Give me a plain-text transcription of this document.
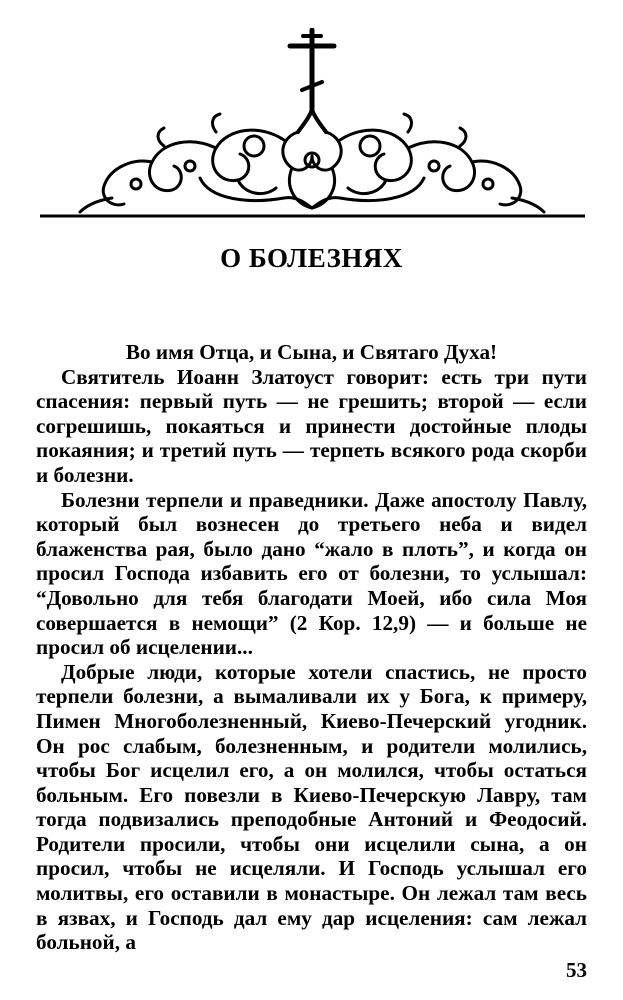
О БОЛЕЗНЯХ

Во имя Отца, и Сына, и Святаго Духа!

Святитель Иоанн Златоуст говорит: есть три пути спасения: первый путь — не грешить; второй — если согрешишь, покаяться и принести достойные плоды покаяния; и третий путь — терпеть всякого рода скорби и болезни.

Болезни терпели и праведники. Даже апостолу Павлу, который был вознесен до третьего неба и видел блаженства рая, было дано “жало в плоть”, и когда он просил Господа избавить его от болезни, то услышал: “Довольно для тебя благодати Моей, ибо сила Моя совершается в немощи” (2 Кор. 12,9) — и больше не просил об исцелении...

Добрые люди, которые хотели спастись, не просто терпели болезни, а вымаливали их у Бога, к примеру, Пимен Многоболезненный, Киево-Печерский угодник. Он рос слабым, болезненным, и родители молились, чтобы Бог исцелил его, а он молился, чтобы остаться больным. Его повезли в Киево-Печерскую Лавру, там тогда подвизались преподобные Антоний и Феодосий. Родители просили, чтобы они исцелили сына, а он просил, чтобы не исцеляли. И Господь услышал его молитвы, его оставили в монастыре. Он лежал там весь в язвах, и Господь дал ему дар исцеления: сам лежал больной, а

53
